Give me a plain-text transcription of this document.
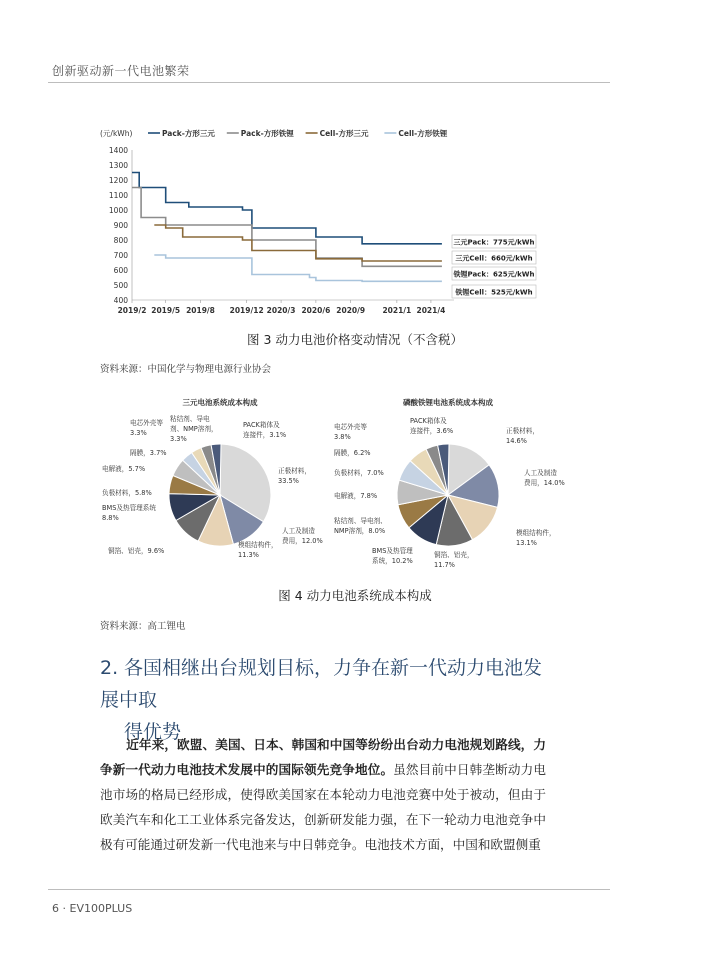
创新驱动新一代电池繁荣
(元/kWh)	Pack-方形三元	Pack-方形铁锂	Cell-方形三元	Cell-方形铁锂
400
500
600
700
800
900
1000
1100
1200
1300
1400
2019/2 2019/5 2019/8 2019/12 2020/3 2020/6 2020/9 2021/1 2021/4
三元Pack：775元/kWh
三元Cell：660元/kWh
铁锂Pack：625元/kWh
铁锂Cell：525元/kWh
图 3 动力电池价格变动情况（不含税）
资料来源：中国化学与物理电源行业协会
三元电池系统成本构成
正极材料，
33.5%
人工及制造
费用，12.0%
模组结构件，
11.3%
铜箔、铝壳，9.6%
BMS及热管理系统
8.8%
负极材料，5.8%
电解液，5.7%
隔膜，3.7%
电芯外壳等
3.3%
粘结剂、导电
剂、NMP溶剂，
3.3%
PACK箱体及
连接件，3.1%
磷酸铁锂电池系统成本构成
正极材料，
14.6%
人工及制造
费用，14.0%
模组结构件，
13.1%
铜箔、铝壳，
11.7%
BMS及热管理
系统，10.2%
粘结剂、导电剂、
NMP溶剂，8.0%
电解液，7.8%
负极材料，7.0%
隔膜，6.2%
电芯外壳等
3.8%
PACK箱体及
连接件，3.6%
图 4 动力电池系统成本构成
资料来源：高工锂电
2. 各国相继出台规划目标，力争在新一代动力电池发展中取
得优势
近年来，欧盟、美国、日本、韩国和中国等纷纷出台动力电池规划路线，力争新一代动力电池技术发展中的国际领先竞争地位。虽然目前中日韩垄断动力电池市场的格局已经形成，使得欧美国家在本轮动力电池竞赛中处于被动，但由于欧美汽车和化工工业体系完备发达，创新研发能力强，在下一轮动力电池竞争中极有可能通过研发新一代电池来与中日韩竞争。电池技术方面，中国和欧盟侧重
6 · EV100PLUS
